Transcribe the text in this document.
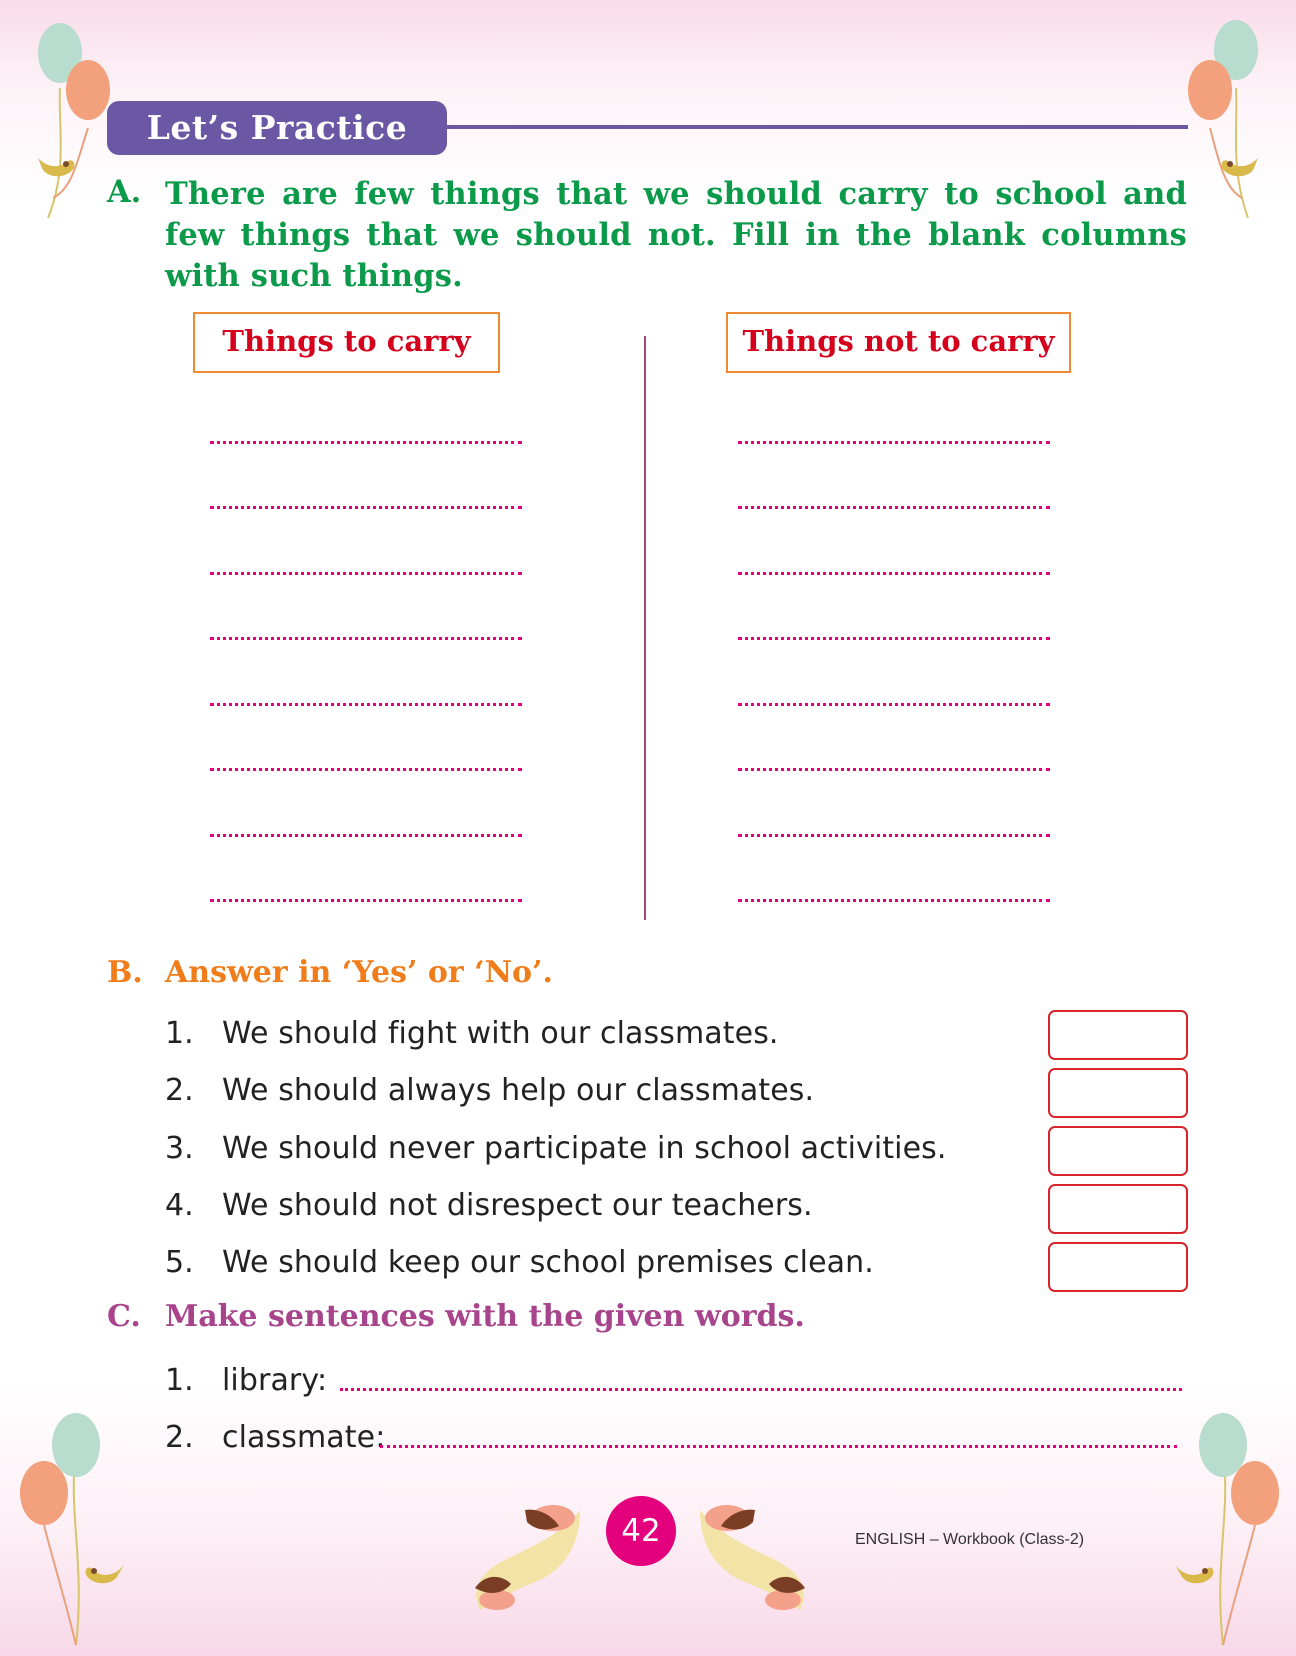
Let’s Practice
A. There are few things that we should carry to school and few things that we should not. Fill in the blank columns with such things.
Things to carry	Things not to carry
B. Answer in ‘Yes’ or ‘No’.
1. We should fight with our classmates.
2. We should always help our classmates.
3. We should never participate in school activities.
4. We should not disrespect our teachers.
5. We should keep our school premises clean.
C. Make sentences with the given words.
1. library:
2. classmate:
42	ENGLISH – Workbook (Class-2)
